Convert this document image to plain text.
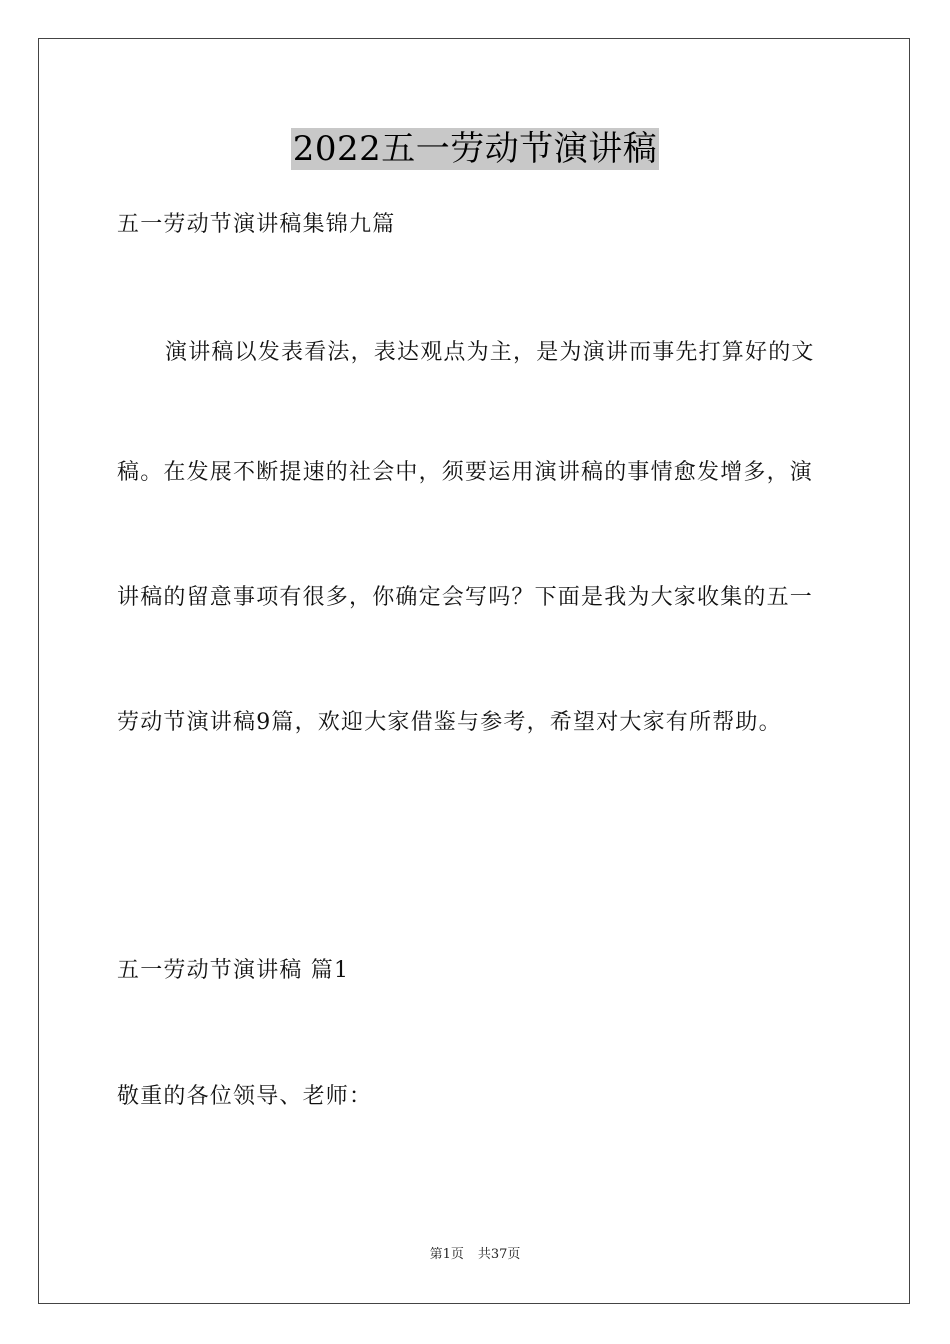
2022五一劳动节演讲稿
五一劳动节演讲稿集锦九篇
演讲稿以发表看法，表达观点为主，是为演讲而事先打算好的文
稿。在发展不断提速的社会中，须要运用演讲稿的事情愈发增多，演
讲稿的留意事项有很多，你确定会写吗？下面是我为大家收集的五一
劳动节演讲稿9篇，欢迎大家借鉴与参考，希望对大家有所帮助。
五一劳动节演讲稿 篇1
敬重的各位领导、老师：
第1页 共37页
